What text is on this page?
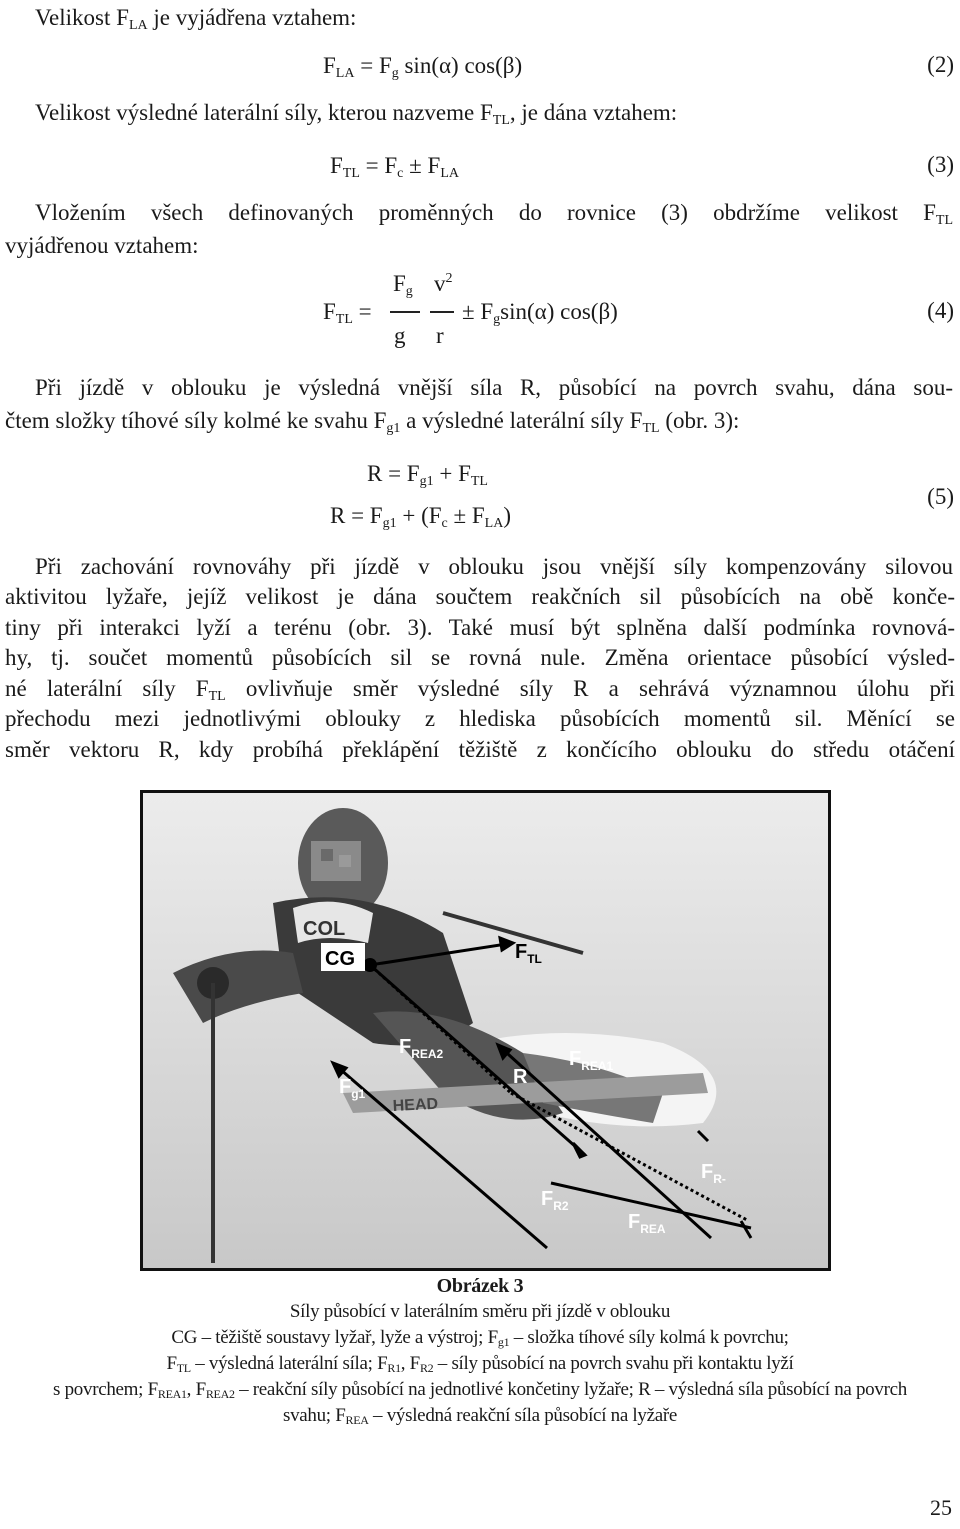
Velikost $F_{LA}$ je vyjádřena vztahem:
$F_{LA} = F_g$ sin(α) cos(β)	(2)
Velikost výsledné laterální síly, kterou nazveme $F_{TL}$, je dána vztahem:
$F_{TL} = F_c \pm F_{LA}$	(3)
Vložením všech definovaných proměnných do rovnice (3) obdržíme velikost $F_{TL}$
vyjádřenou vztahem:
$F_{TL}$ =
$F_g$
g
$v^2$
r
± $F_g\sin(\alpha)$ cos(β)	(4)
Při jízdě v oblouku je výsledná vnější síla R, působící na povrch svahu, dána sou-
čtem složky tíhové síly kolmé ke svahu $F_{g1}$ a výsledné laterální síly $F_{TL}$ (obr. 3):
$R = F_{g1} + F_{TL}$
$R = F_{g1} + (F_c \pm F_{LA})$
(5)
Při zachování rovnováhy při jízdě v oblouku jsou vnější síly kompenzovány silovou
aktivitou lyžaře, jejíž velikost je dána součtem reakčních sil působících na obě konče-
tiny při interakci lyží a terénu (obr. 3). Také musí být splněna další podmínka rovnová-
hy, tj. součet momentů působících sil se rovná nule. Změna orientace působící výsled-
né laterální síly $F_{TL}$ ovlivňuje směr výsledné síly R a sehrává významnou úlohu při
přechodu mezi jednotlivými oblouky z hlediska působících momentů sil. Měnící se
směr vektoru R, kdy probíhá překlápění těžiště z končícího oblouku do středu otáčení
COL
HEAD
CG	$F_{TL}$
$F_{REA2}$	$F_{REA1}$
$F_{g1}$
R
$F_{R-}$
$F_{R2}$
$F_{REA}$
Obrázek 3
Síly působící v laterálním směru při jízdě v oblouku
CG – těžiště soustavy lyžař, lyže a výstroj; $F_{g1}$ – složka tíhové síly kolmá k povrchu;
$F_{TL}$ – výsledná laterální síla; $F_{R1}$, $F_{R2}$ – síly působící na povrch svahu při kontaktu lyží
s povrchem; $F_{REA1}$, $F_{REA2}$ – reakční síly působící na jednotlivé končetiny lyžaře; R – výsledná síla působící na povrch
svahu; $F_{REA}$ – výsledná reakční síla působící na lyžaře
25
